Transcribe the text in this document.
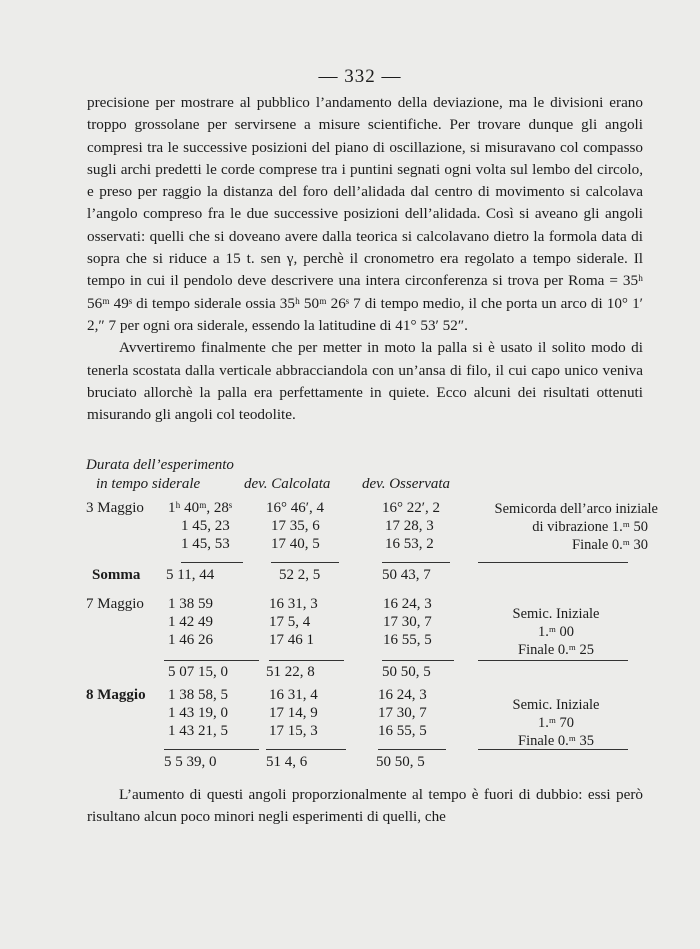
— 332 —

precisione per mostrare al pubblico l’andamento della deviazione, ma le divisioni erano troppo grossolane per servirsene a misure scientifiche. Per trovare dunque gli angoli compresi tra le successive posizioni del piano di oscillazione, si misuravano col compasso sugli archi predetti le corde comprese tra i puntini segnati ogni volta sul lembo del circolo, e preso per raggio la distanza del foro dell’alidada dal centro di movimento si calcolava l’angolo compreso fra le due successive posizioni dell’alidada. Così si aveano gli angoli osservati: quelli che si doveano avere dalla teorica si calcolavano dietro la formola data di sopra che si riduce a 15 t. sen γ, perchè il cronometro era regolato a tempo siderale. Il tempo in cui il pendolo deve descrivere una intera circonferenza si trova per Roma = 35ʰ 56ᵐ 49ˢ di tempo siderale ossia 35ʰ 50ᵐ 26ˢ 7 di tempo medio, il che porta un arco di 10° 1′ 2,″ 7 per ogni ora siderale, essendo la latitudine di 41° 53′ 52″.

Avvertiremo finalmente che per metter in moto la palla si è usato il solito modo di tenerla scostata dalla verticale abbracciandola con un’ansa di filo, il cui capo unico veniva bruciato allorchè la palla era perfettamente in quiete. Ecco alcuni dei risultati ottenuti misurando gli angoli col teodolite.

Durata dell’esperimento
in tempo siderale	dev. Calcolata dev. Osservata
3 Maggio 1ʰ 40ᵐ, 28ˢ 16° 46′, 4	16° 22′, 2
1 45, 23	17 35, 6	17 28, 3
1 45, 53	17 40, 5	16 53, 2
Semicorda dell’arco iniziale
di vibrazione 1.ᵐ 50
Finale 0.ᵐ 30
Somma 5 11, 44	52 2, 5	50 43, 7
7 Maggio 1 38 59	16 31, 3	16 24, 3
1 42 49	17 5, 4	17 30, 7
1 46 26	17 46 1	16 55, 5
Semic. Iniziale
1.ᵐ 00
Finale 0.ᵐ 25
5 07 15, 0	51 22, 8	50 50, 5
8 Maggio 1 38 58, 5	16 31, 4	16 24, 3
1 43 19, 0	17 14, 9	17 30, 7
1 43 21, 5	17 15, 3	16 55, 5
Semic. Iniziale
1.ᵐ 70
Finale 0.ᵐ 35
5 5 39, 0	51 4, 6	50 50, 5

L’aumento di questi angoli proporzionalmente al tempo è fuori di dubbio: essi però risultano alcun poco minori negli esperimenti di quelli, che
